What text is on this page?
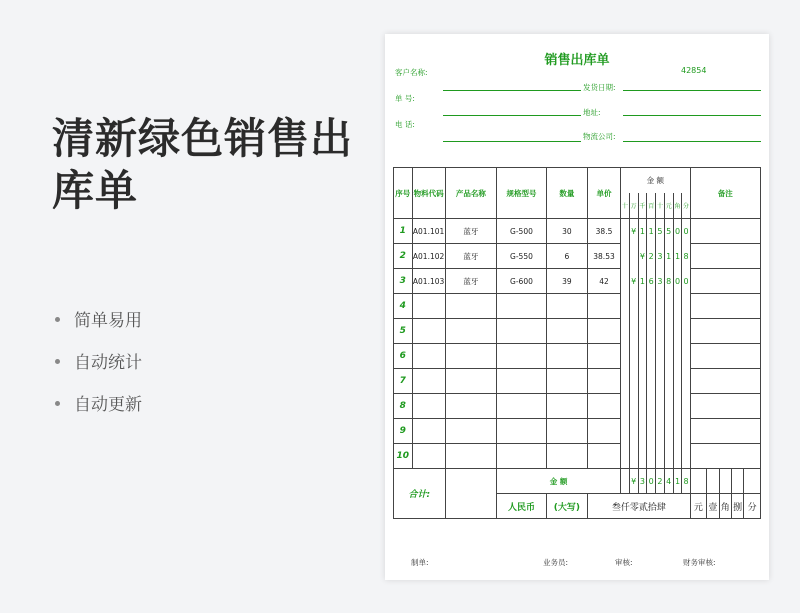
清新绿色销售出库单
简单易用
自动统计
自动更新
销售出库单
42854
客户名称:
发货日期:
单 号:
地址:
电 话:
物流公司:
序号	物料代码	产品名称	规格型号	数量	单价	金 额								备注				
						十	万	千	百	十	元	角	分					
1	A01.101	蓝牙	G-500	30	38.5		¥	1	1	5	5	0	0					
2	A01.102	蓝牙	G-550	6	38.53			¥	2	3	1	1	8					
3	A01.103	蓝牙	G-600	39	42		¥	1	6	3	8	0	0					
4																		
5																		
6																		
7																		
8																		
9																		
10																		
合计:			金 额				¥	3	0	2	4	1	8					
			人民币	(大写)	叁仟零贰拾肆									元	壹	角	捌	分
制单:	业务员:	审核:	财务审核:
